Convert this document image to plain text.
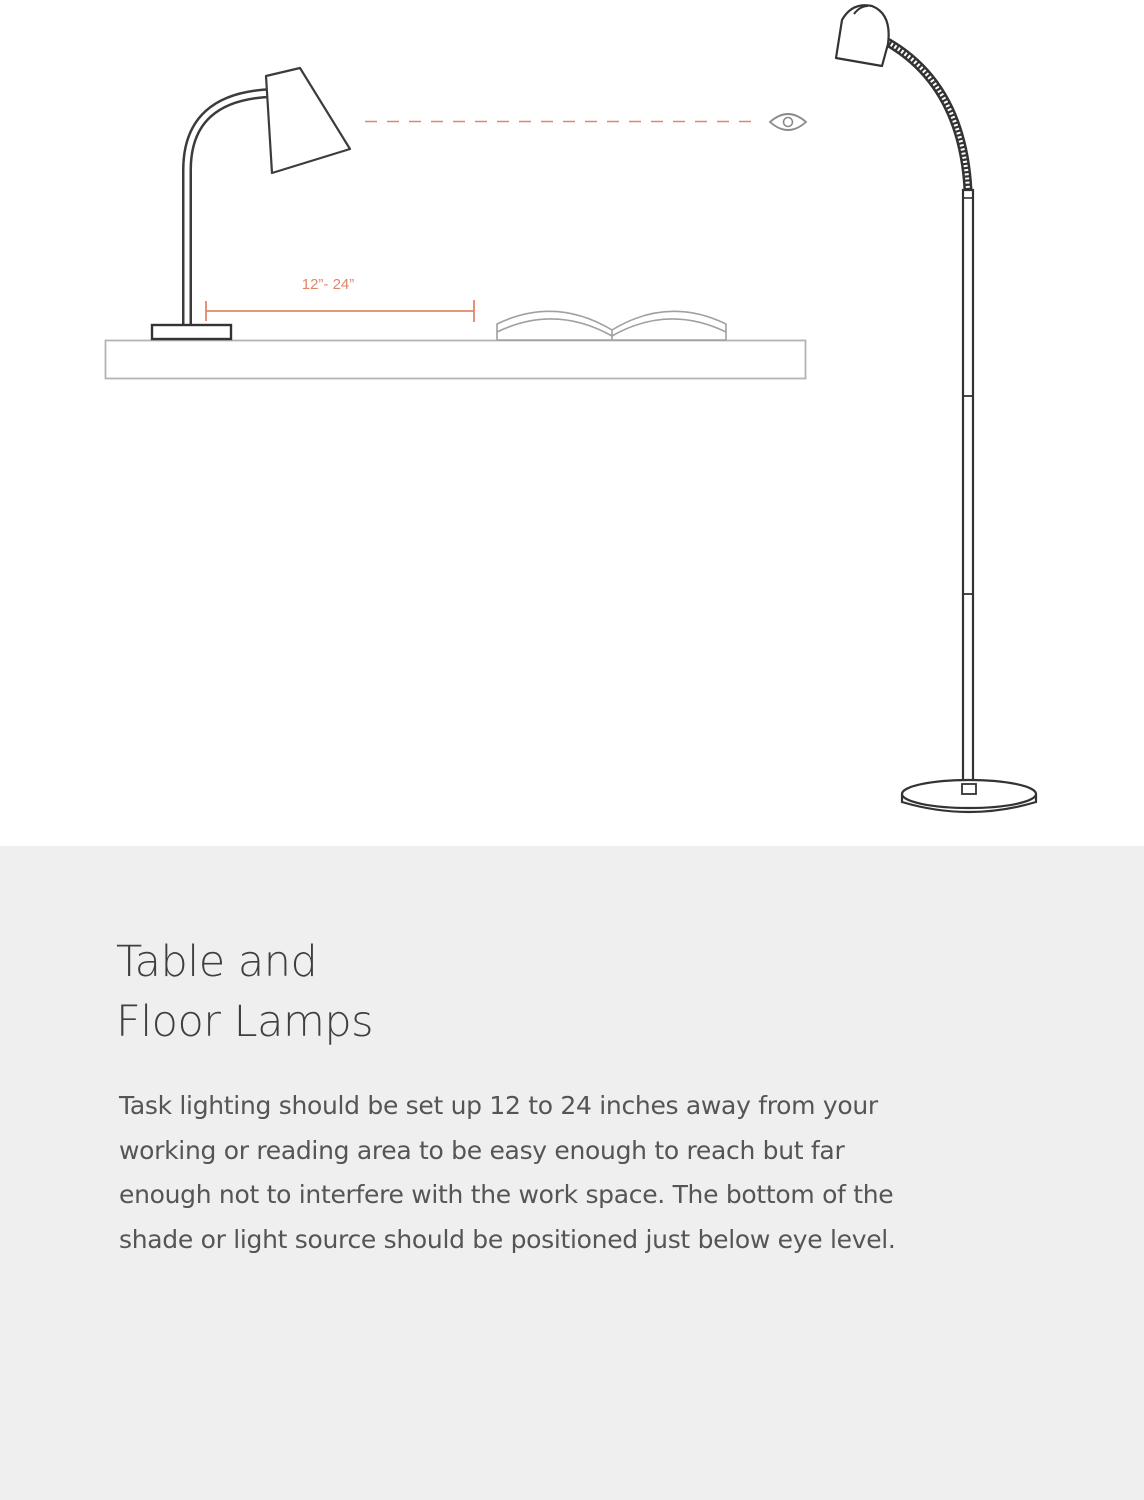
12”- 24”
Table and
Floor Lamps

Task lighting should be set up 12 to 24 inches away from your
working or reading area to be easy enough to reach but far
enough not to interfere with the work space. The bottom of the
shade or light source should be positioned just below eye level.
